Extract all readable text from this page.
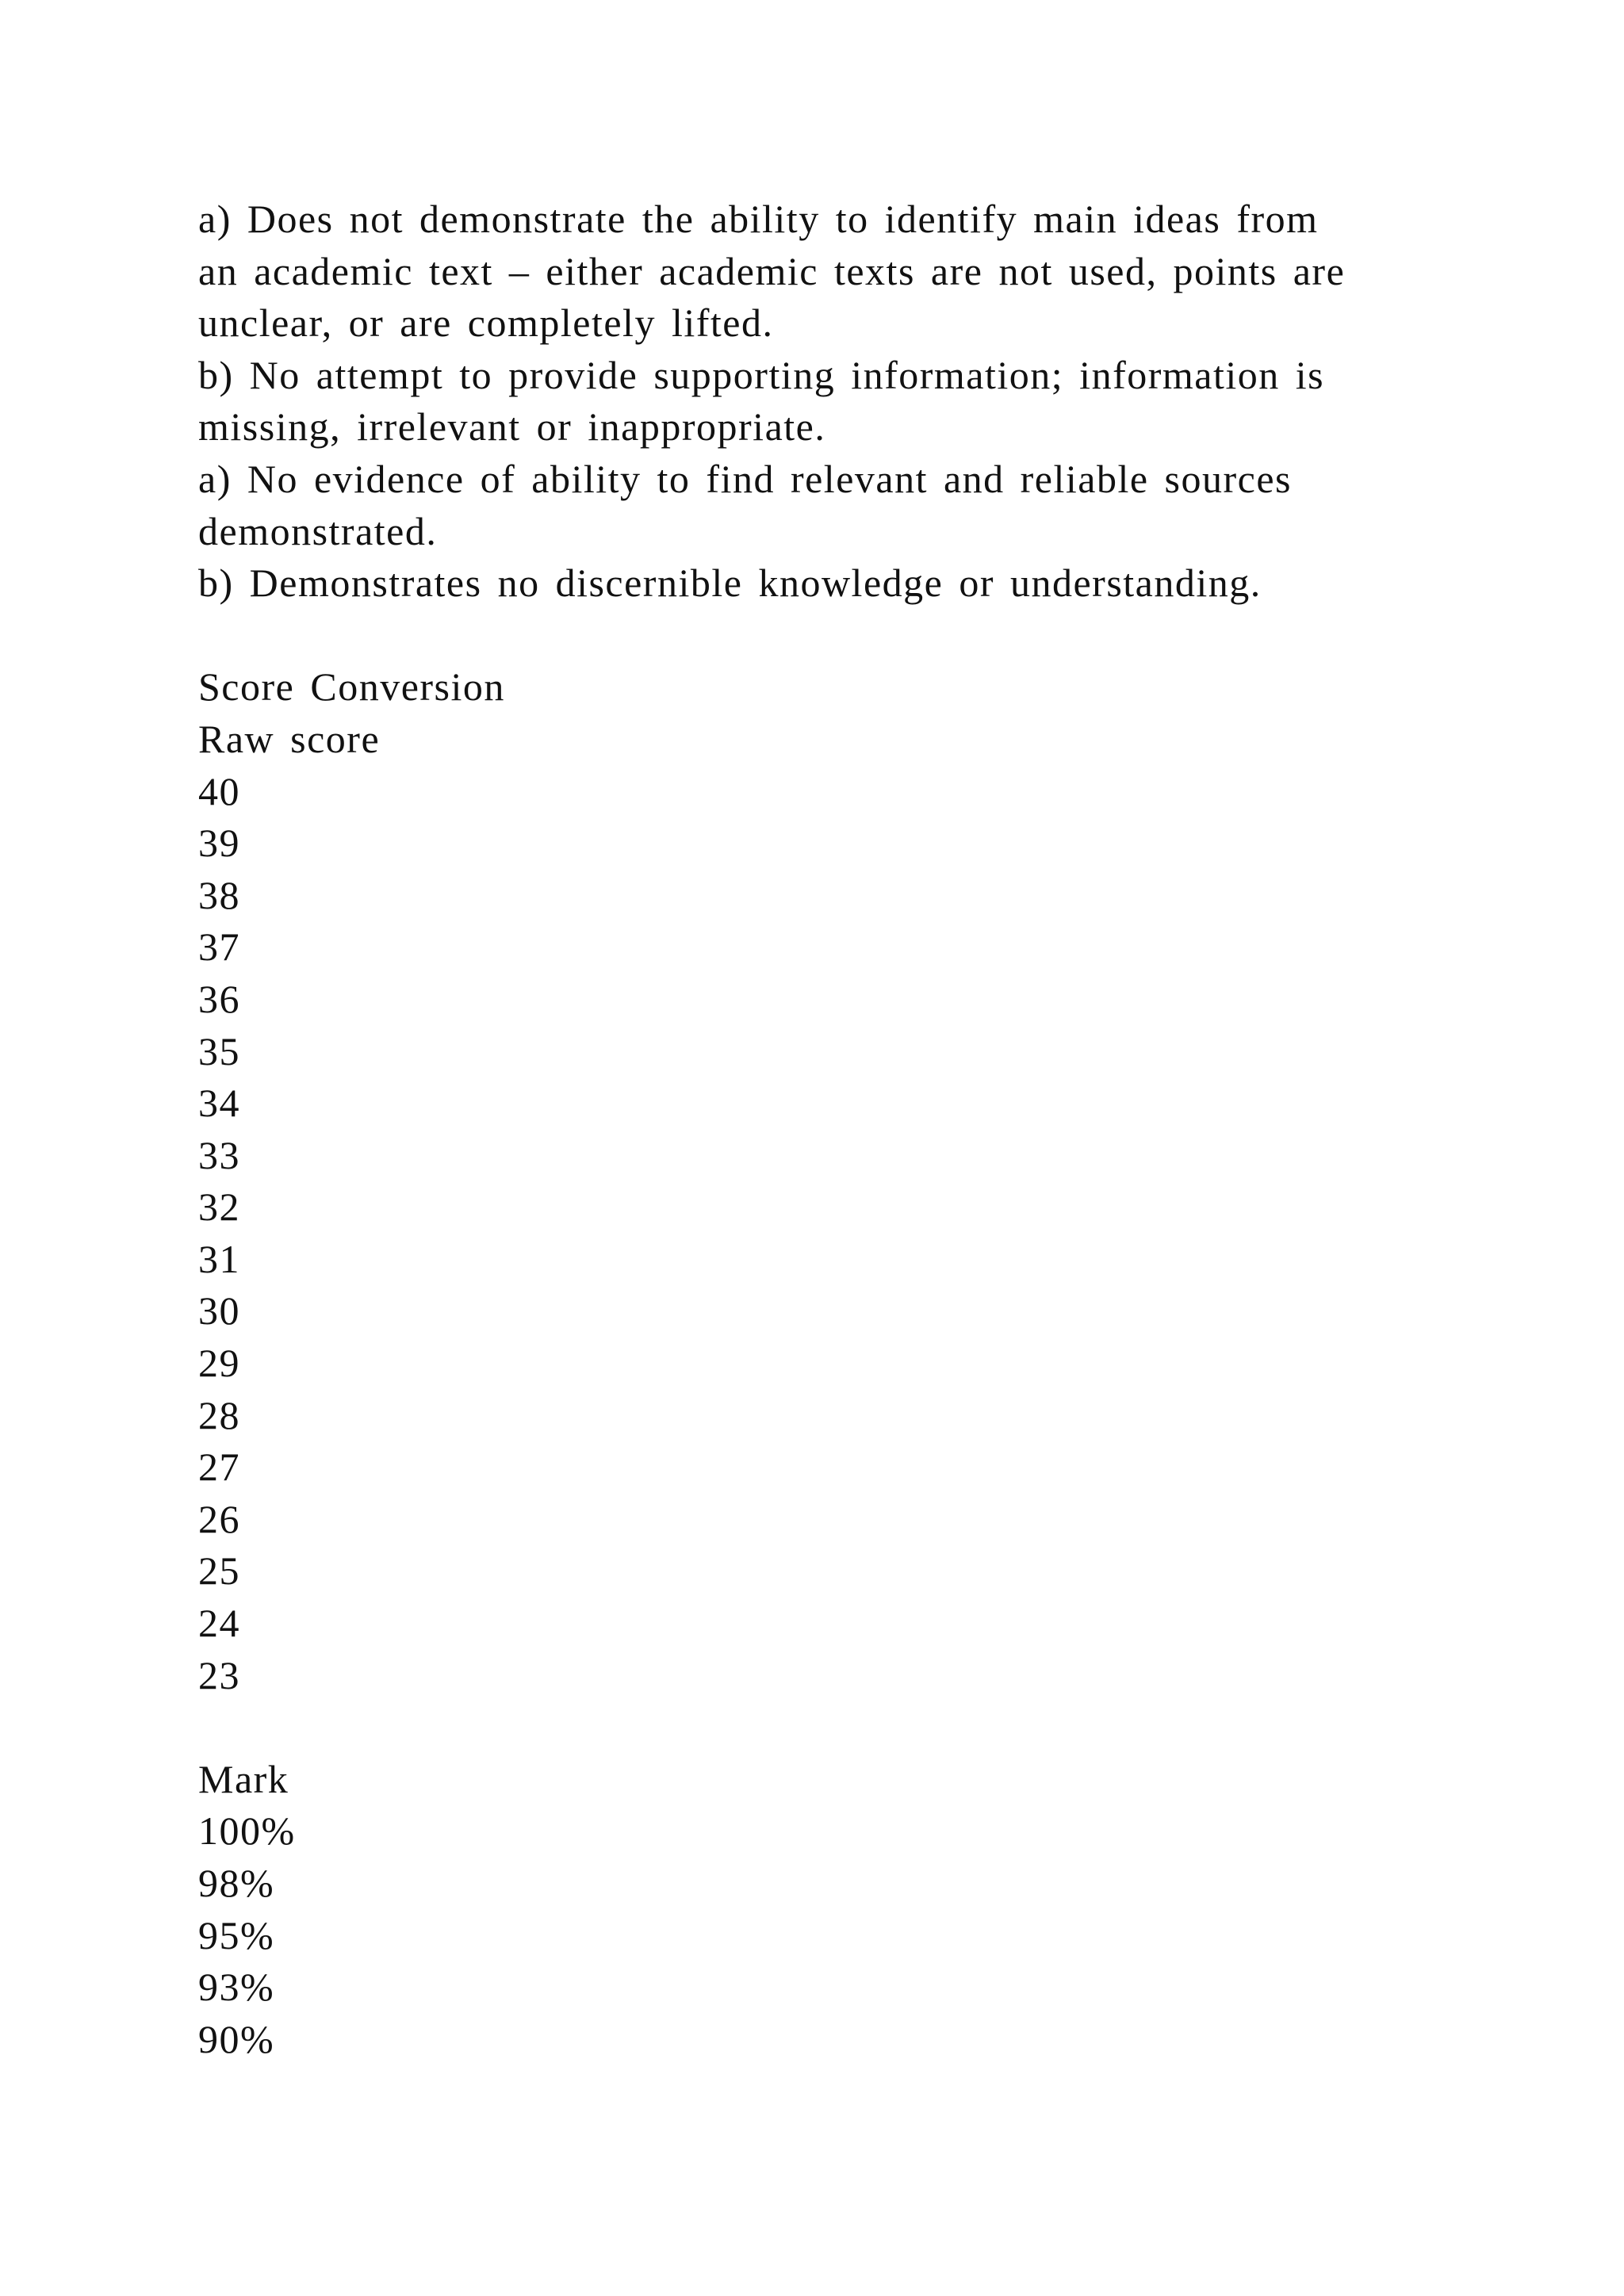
a) Does not demonstrate the ability to identify main ideas from
an academic text – either academic texts are not used, points are
unclear, or are completely lifted.
b) No attempt to provide supporting information; information is
missing, irrelevant or inappropriate.
a) No evidence of ability to find relevant and reliable sources
demonstrated.
b) Demonstrates no discernible knowledge or understanding.
Score Conversion
Raw score
40
39
38
37
36
35
34
33
32
31
30
29
28
27
26
25
24
23
Mark
100%
98%
95%
93%
90%
